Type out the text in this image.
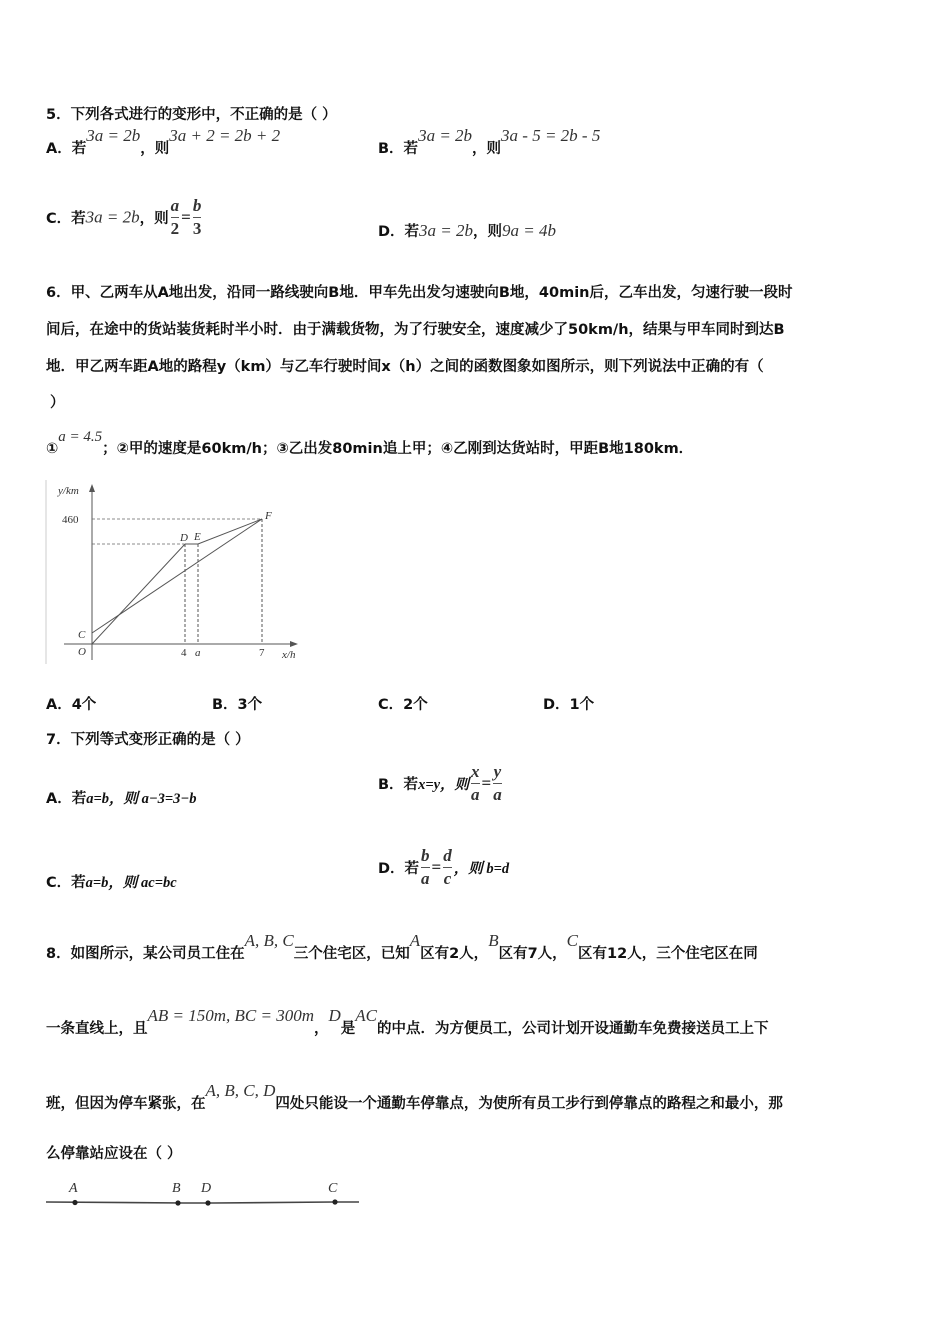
5．下列各式进行的变形中，不正确的是（ ）
A．若3a = 2b，则3a + 2 = 2b + 2
B．若3a = 2b，则3a - 5 = 2b - 5
C．若3a = 2b，则 $\frac{a}{2} = \frac{b}{3}$	D．若3a = 2b，则9a = 4b
6．甲、乙两车从A地出发，沿同一路线驶向B地．甲车先出发匀速驶向B地，40min后，乙车出发，匀速行驶一段时
间后，在途中的货站装货耗时半小时．由于满载货物，为了行驶安全，速度减少了50km/h，结果与甲车同时到达B
地．甲乙两车距A地的路程y（km）与乙车行驶时间x（h）之间的函数图象如图所示，则下列说法中正确的有（
）
①a = 4.5；②甲的速度是60km/h；③乙出发80min追上甲；④乙刚到达货站时，甲距B地180km．
y/km
460
C
O
D E
F
4 a	7 x/h
A．4个	B．3个	C．2个	D．1个
7．下列等式变形正确的是（ ）
A．若a=b，则 a−3=3−b
B．若x=y，则 $\frac{x}{a} = \frac{y}{a}$
C．若a=b，则 ac=bc
D．若 $\frac{b}{a} = \frac{d}{c}$ ，则 b=d
8．如图所示，某公司员工住在A, B, C三个住宅区，已知A区有2人，B区有7人，C区有12人，三个住宅区在同
一条直线上，且AB = 150m, BC = 300m，D是AC的中点．为方便员工，公司计划开设通勤车免费接送员工上下
班，但因为停车紧张，在A, B, C, D四处只能设一个通勤车停靠点，为使所有员工步行到停靠点的路程之和最小，那
么停靠站应设在（ ）
A	B D	C
